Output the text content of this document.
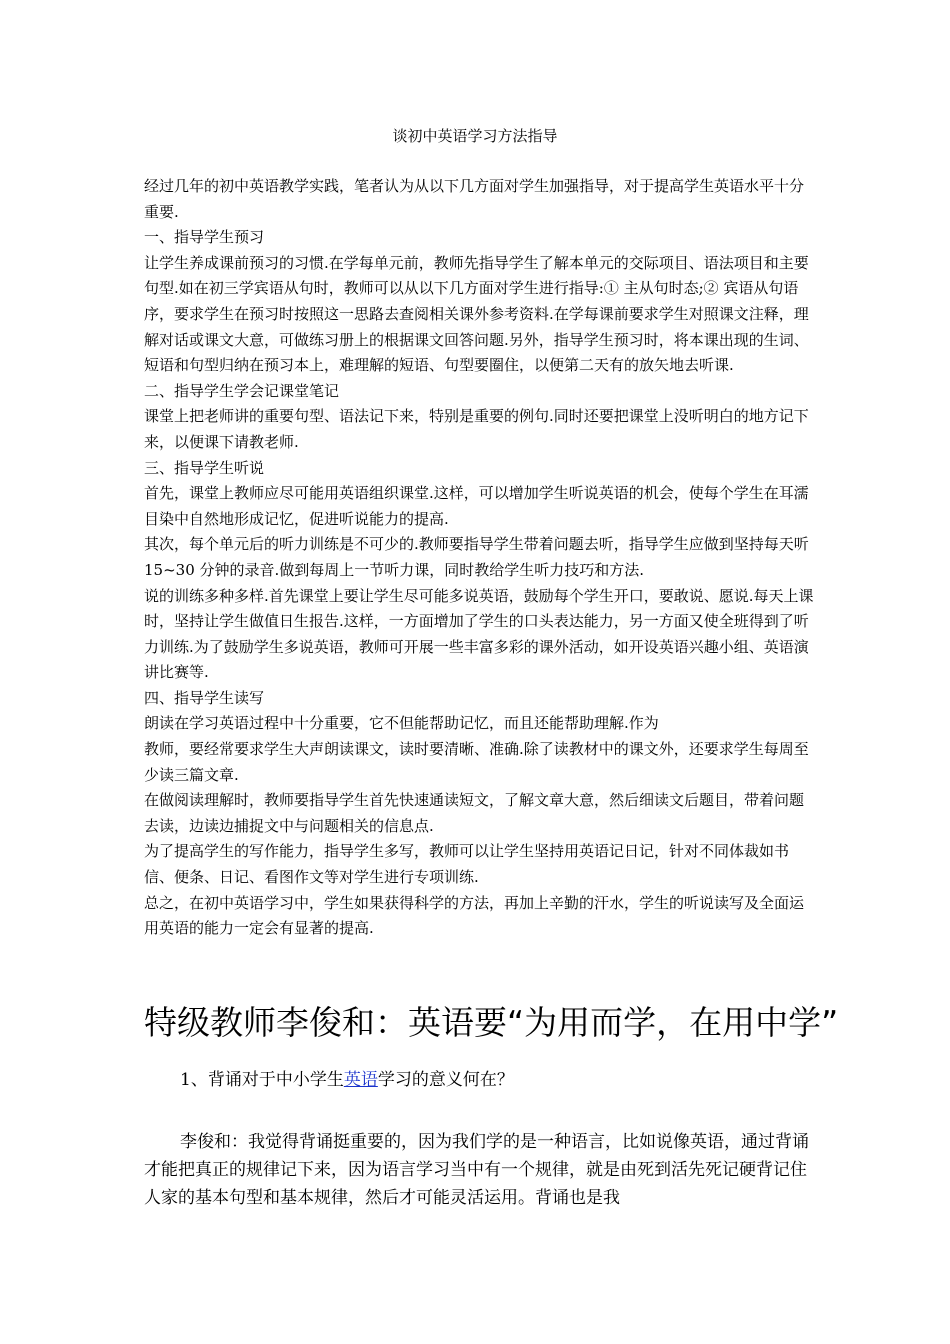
谈初中英语学习方法指导

经过几年的初中英语教学实践，笔者认为从以下几方面对学生加强指导，对于提高学生英语水平十分重要.

一、指导学生预习

让学生养成课前预习的习惯.在学每单元前，教师先指导学生了解本单元的交际项目、语法项目和主要句型.如在初三学宾语从句时，教师可以从以下几方面对学生进行指导:① 主从句时态;② 宾语从句语序，要求学生在预习时按照这一思路去查阅相关课外参考资料.在学每课前要求学生对照课文注释，理解对话或课文大意，可做练习册上的根据课文回答问题.另外，指导学生预习时，将本课出现的生词、短语和句型归纳在预习本上，难理解的短语、句型要圈住，以便第二天有的放矢地去听课.

二、指导学生学会记课堂笔记

课堂上把老师讲的重要句型、语法记下来，特别是重要的例句.同时还要把课堂上没听明白的地方记下来，以便课下请教老师.

三、指导学生听说

首先，课堂上教师应尽可能用英语组织课堂.这样，可以增加学生听说英语的机会，使每个学生在耳濡目染中自然地形成记忆，促进听说能力的提高.

其次，每个单元后的听力训练是不可少的.教师要指导学生带着问题去听，指导学生应做到坚持每天听 15~30 分钟的录音.做到每周上一节听力课，同时教给学生听力技巧和方法.

说的训练多种多样.首先课堂上要让学生尽可能多说英语，鼓励每个学生开口，要敢说、愿说.每天上课时，坚持让学生做值日生报告.这样，一方面增加了学生的口头表达能力，另一方面又使全班得到了听力训练.为了鼓励学生多说英语，教师可开展一些丰富多彩的课外活动，如开设英语兴趣小组、英语演讲比赛等.

四、指导学生读写

朗读在学习英语过程中十分重要，它不但能帮助记忆，而且还能帮助理解.作为

教师，要经常要求学生大声朗读课文，读时要清晰、准确.除了读教材中的课文外，还要求学生每周至少读三篇文章.

在做阅读理解时，教师要指导学生首先快速通读短文，了解文章大意，然后细读文后题目，带着问题去读，边读边捕捉文中与问题相关的信息点.

为了提高学生的写作能力，指导学生多写，教师可以让学生坚持用英语记日记，针对不同体裁如书信、便条、日记、看图作文等对学生进行专项训练.

总之，在初中英语学习中，学生如果获得科学的方法，再加上辛勤的汗水，学生的听说读写及全面运用英语的能力一定会有显著的提高.

特级教师李俊和：英语要“为用而学，在用中学”

1、背诵对于中小学生英语学习的意义何在？

李俊和：我觉得背诵挺重要的，因为我们学的是一种语言，比如说像英语，通过背诵才能把真正的规律记下来，因为语言学习当中有一个规律，就是由死到活先死记硬背记住人家的基本句型和基本规律，然后才可能灵活运用。背诵也是我
